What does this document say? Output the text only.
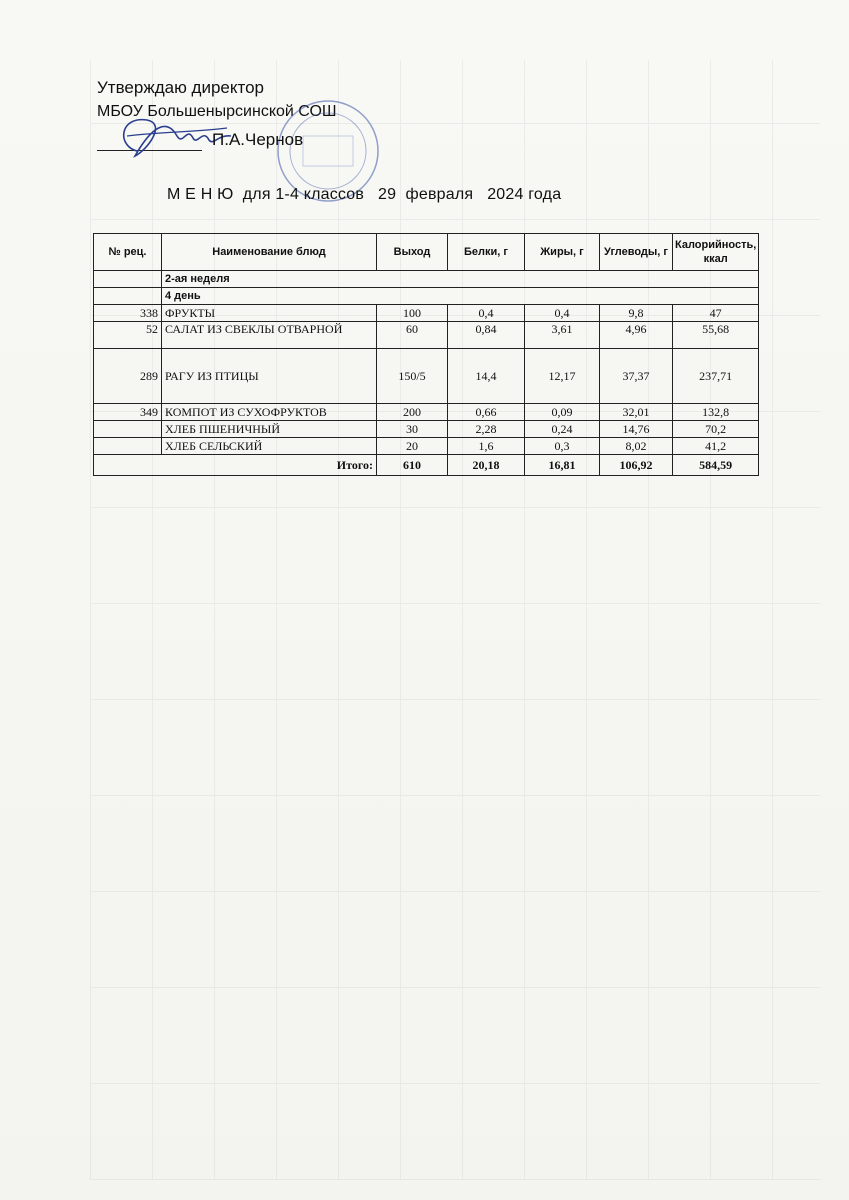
Утверждаю директор
МБОУ Большенырсинской СОШ
П.А.Чернов
М Е Н Ю  для 1-4 классов   29  февраля   2024 года
№ рец.	Наименование блюд	Выход	Белки, г	Жиры, г	Углеводы, г	Калорийность, ккал
	2-ая неделя					
	4 день					
338	ФРУКТЫ	100	0,4	0,4	9,8	47
52	САЛАТ ИЗ СВЕКЛЫ ОТВАРНОЙ	60	0,84	3,61	4,96	55,68
289	РАГУ ИЗ ПТИЦЫ	150/5	14,4	12,17	37,37	237,71
349	КОМПОТ ИЗ СУХОФРУКТОВ	200	0,66	0,09	32,01	132,8
	ХЛЕБ ПШЕНИЧНЫЙ	30	2,28	0,24	14,76	70,2
	ХЛЕБ СЕЛЬСКИЙ	20	1,6	0,3	8,02	41,2
Итого:		610	20,18	16,81	106,92	584,59
